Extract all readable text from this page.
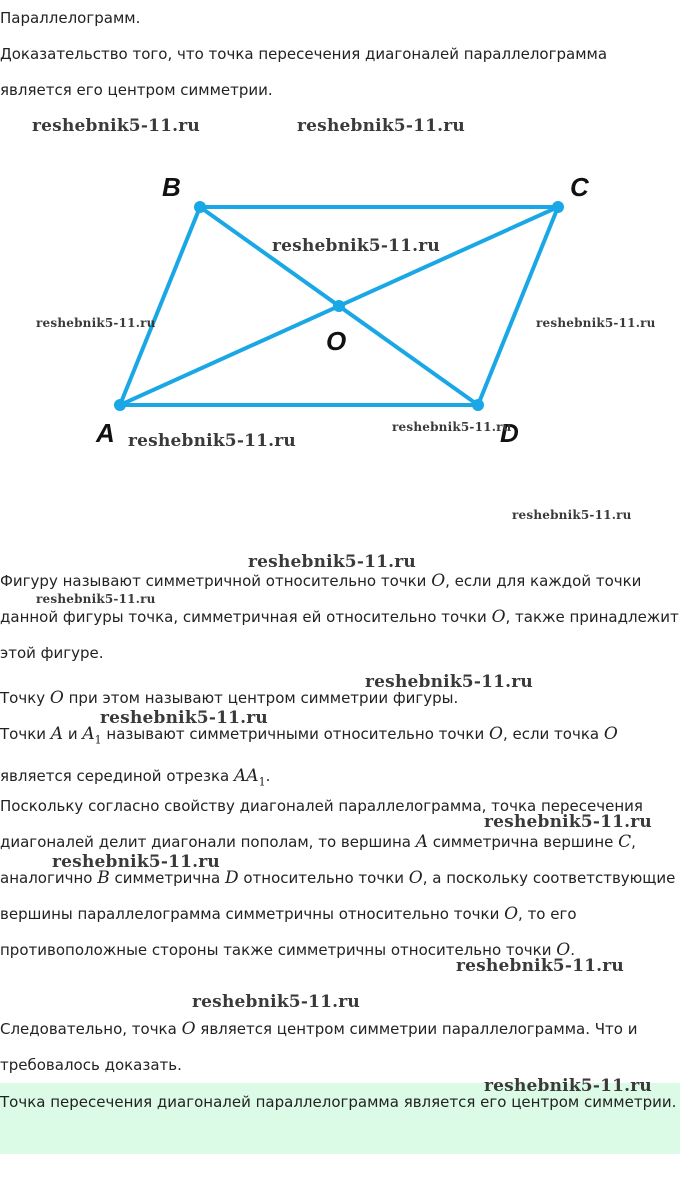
Параллелограмм.

Доказательство того, что точка пересечения диагоналей параллелограмма является его центром симметрии.

B	C
O
A	D

Фигуру называют симметричной относительно точки O, если для каждой точки данной фигуры точка, симметричная ей относительно точки O, также принадлежит этой фигуре.

Точку O при этом называют центром симметрии фигуры.

Точки A и $A_1$ называют симметричными относительно точки O, если точка O является серединой отрезка $AA_1$.

Поскольку согласно свойству диагоналей параллелограмма, точка пересечения диагоналей делит диагонали пополам, то вершина A симметрична вершине C, аналогично B симметрична D относительно точки O, а поскольку соответствующие вершины параллелограмма симметричны относительно точки O, то его противоположные стороны также симметричны относительно точки O.

Следовательно, точка O является центром симметрии параллелограмма. Что и требовалось доказать.

Точка пересечения диагоналей параллелограмма является его центром симметрии.

reshebnik5-11.ru	reshebnik5-11.ru
reshebnik5-11.ru
reshebnik5-11.ru	reshebnik5-11.ru
reshebnik5-11.ru
reshebnik5-11.ru
reshebnik5-11.ru
reshebnik5-11.ru
reshebnik5-11.ru
reshebnik5-11.ru
reshebnik5-11.ru
reshebnik5-11.ru
reshebnik5-11.ru
reshebnik5-11.ru
reshebnik5-11.ru
reshebnik5-11.ru
